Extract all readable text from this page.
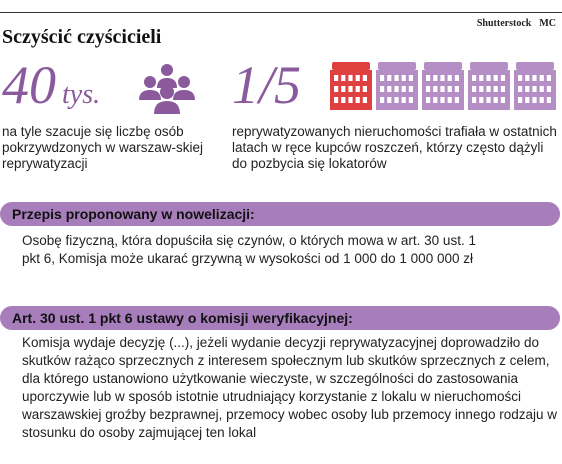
Shutterstock MC
Sczyścić czyścicieli
40 tys. 1/5
na tyle szacuje się liczbę osób pokrzywdzonych w warszaw-skiej reprywatyzacji
reprywatyzowanych nieruchomości trafiała w ostatnich latach w ręce kupców roszczeń, którzy często dążyli do pozbycia się lokatorów
Przepis proponowany w nowelizacji:
Osobę fizyczną, która dopuściła się czynów, o których mowa w art. 30 ust. 1 pkt 6, Komisja może ukarać grzywną w wysokości od 1 000 do 1 000 000 zł
Art. 30 ust. 1 pkt 6 ustawy o komisji weryfikacyjnej:
Komisja wydaje decyzję (...), jeżeli wydanie decyzji reprywatyzacyjnej doprowadziło do skutków rażąco sprzecznych z interesem społecznym lub skutków sprzecznych z celem, dla którego ustanowiono użytkowanie wieczyste, w szczególności do zastosowania uporczywie lub w sposób istotnie utrudniający korzystanie z lokalu w nieruchomości warszawskiej groźby bezprawnej, przemocy wobec osoby lub przemocy innego rodzaju w stosunku do osoby zajmującej ten lokal
